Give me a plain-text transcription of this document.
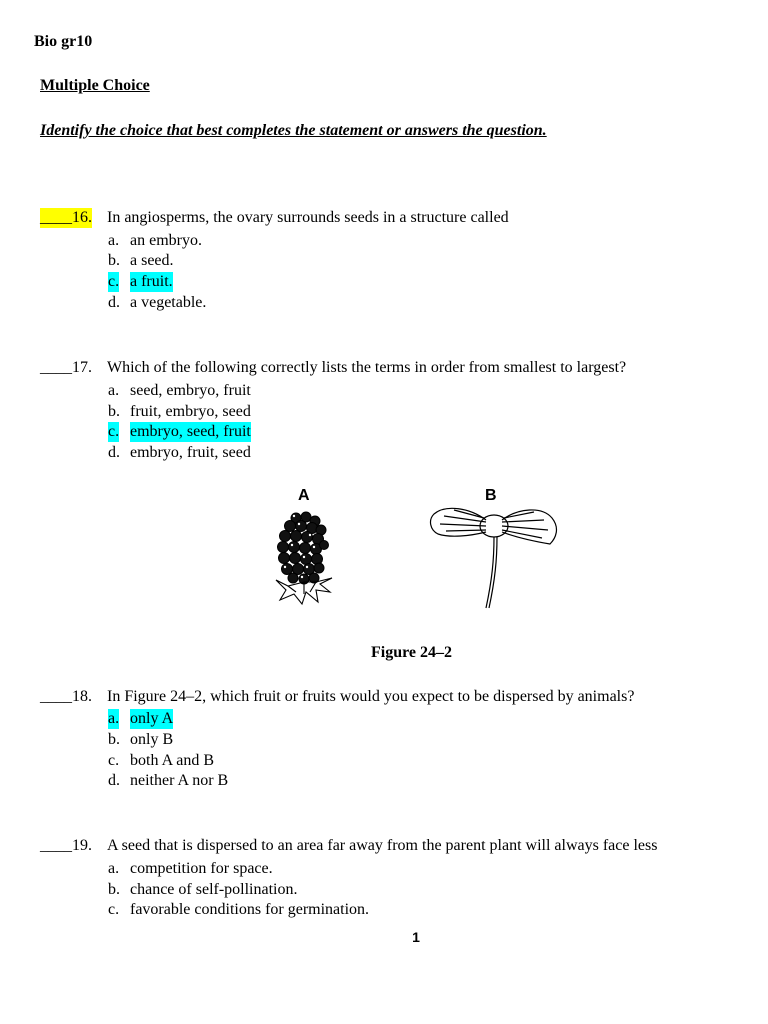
Bio gr10
Multiple Choice
Identify the choice that best completes the statement or answers the question.
____16. In angiosperms, the ovary surrounds seeds in a structure called
a. an embryo.
b. a seed.
c. a fruit.
d. a vegetable.
____17. Which of the following correctly lists the terms in order from smallest to largest?
a. seed, embryo, fruit
b. fruit, embryo, seed
c. embryo, seed, fruit
d. embryo, fruit, seed
A	B
Figure 24–2
____18. In Figure 24–2, which fruit or fruits would you expect to be dispersed by animals?
a. only A
b. only B
c. both A and B
d. neither A nor B
____19. A seed that is dispersed to an area far away from the parent plant will always face less
a. competition for space.
b. chance of self-pollination.
c. favorable conditions for germination.
1
